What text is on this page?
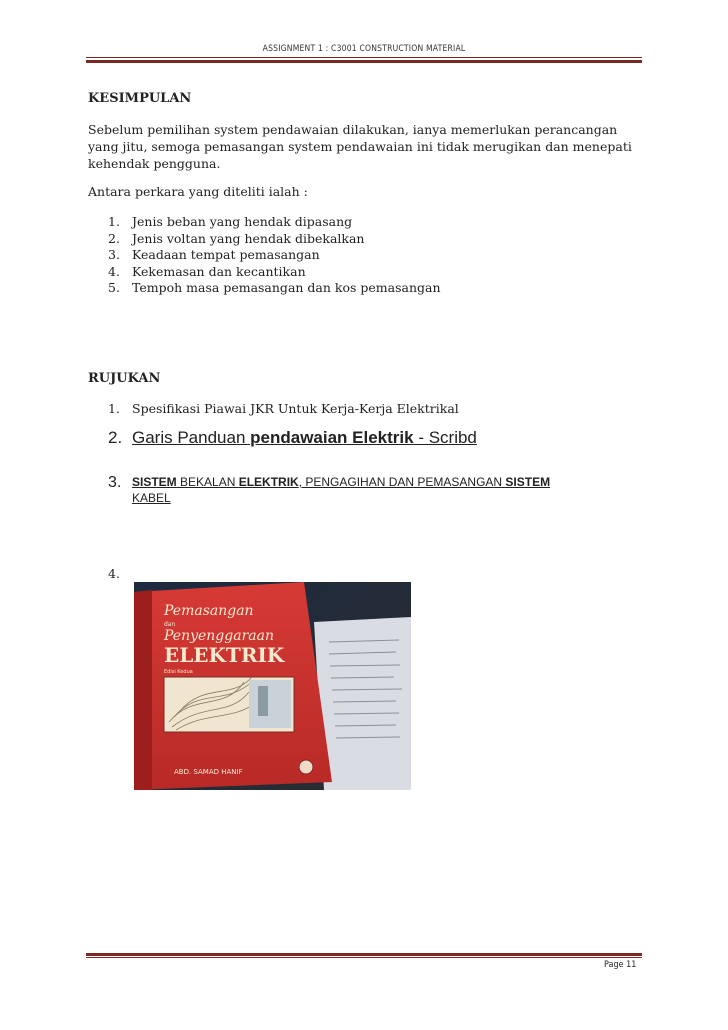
ASSIGNMENT 1 : C3001 CONSTRUCTION MATERIAL
KESIMPULAN
Sebelum pemilihan system pendawaian dilakukan, ianya memerlukan perancangan
yang jitu, semoga pemasangan system pendawaian ini tidak merugikan dan menepati
kehendak pengguna.
Antara perkara yang diteliti ialah :
1. Jenis beban yang hendak dipasang
2. Jenis voltan yang hendak dibekalkan
3. Keadaan tempat pemasangan
4. Kekemasan dan kecantikan
5. Tempoh masa pemasangan dan kos pemasangan
RUJUKAN
1. Spesifikasi Piawai JKR Untuk Kerja-Kerja Elektrikal
2. Garis Panduan pendawaian Elektrik - Scribd
3. SISTEM BEKALAN ELEKTRIK, PENGAGIHAN DAN PEMASANGAN SISTEM
KABEL
4.
Pemasangan
dan
Penyenggaraan
ELEKTRIK
Edisi Kedua
ABD. SAMAD HANIF
Page 11
